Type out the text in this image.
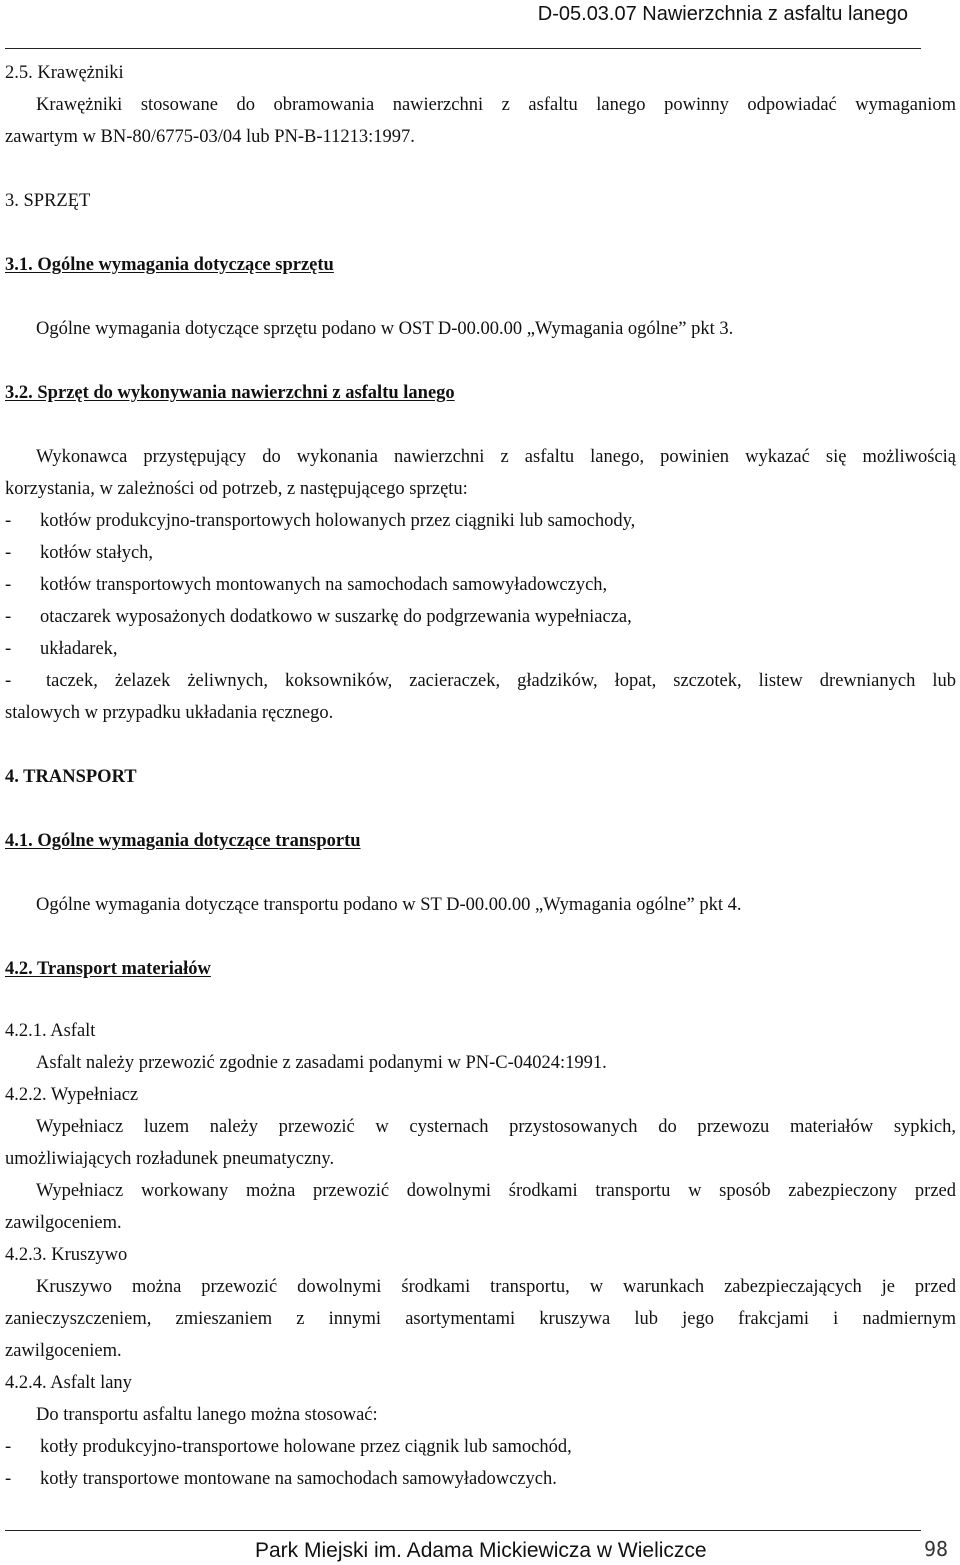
D-05.03.07 Nawierzchnia z asfaltu lanego
2.5. Krawężniki
Krawężniki stosowane do obramowania nawierzchni z asfaltu lanego powinny odpowiadać wymaganiom
zawartym w BN-80/6775-03/04 lub PN-B-11213:1997.
3. SPRZĘT
3.1. Ogólne wymagania dotyczące sprzętu
Ogólne wymagania dotyczące sprzętu podano w OST D-00.00.00 „Wymagania ogólne” pkt 3.
3.2. Sprzęt do wykonywania nawierzchni z asfaltu lanego
Wykonawca przystępujący do wykonania nawierzchni z asfaltu lanego, powinien wykazać się możliwością
korzystania, w zależności od potrzeb, z następującego sprzętu:
- kotłów produkcyjno-transportowych holowanych przez ciągniki lub samochody,
- kotłów stałych,
- kotłów transportowych montowanych na samochodach samowyładowczych,
- otaczarek wyposażonych dodatkowo w suszarkę do podgrzewania wypełniacza,
- układarek,
- taczek, żelazek żeliwnych, koksowników, zacieraczek, gładzików, łopat, szczotek, listew drewnianych lub
stalowych w przypadku układania ręcznego.
4. TRANSPORT
4.1. Ogólne wymagania dotyczące transportu
Ogólne wymagania dotyczące transportu podano w ST D-00.00.00 „Wymagania ogólne” pkt 4.
4.2. Transport materiałów
4.2.1. Asfalt
Asfalt należy przewozić zgodnie z zasadami podanymi w PN-C-04024:1991.
4.2.2. Wypełniacz
Wypełniacz luzem należy przewozić w cysternach przystosowanych do przewozu materiałów sypkich,
umożliwiających rozładunek pneumatyczny.
Wypełniacz workowany można przewozić dowolnymi środkami transportu w sposób zabezpieczony przed
zawilgoceniem.
4.2.3. Kruszywo
Kruszywo można przewozić dowolnymi środkami transportu, w warunkach zabezpieczających je przed
zanieczyszczeniem, zmieszaniem z innymi asortymentami kruszywa lub jego frakcjami i nadmiernym
zawilgoceniem.
4.2.4. Asfalt lany
Do transportu asfaltu lanego można stosować:
- kotły produkcyjno-transportowe holowane przez ciągnik lub samochód,
- kotły transportowe montowane na samochodach samowyładowczych.
Park Miejski im. Adama Mickiewicza w Wieliczce	98
